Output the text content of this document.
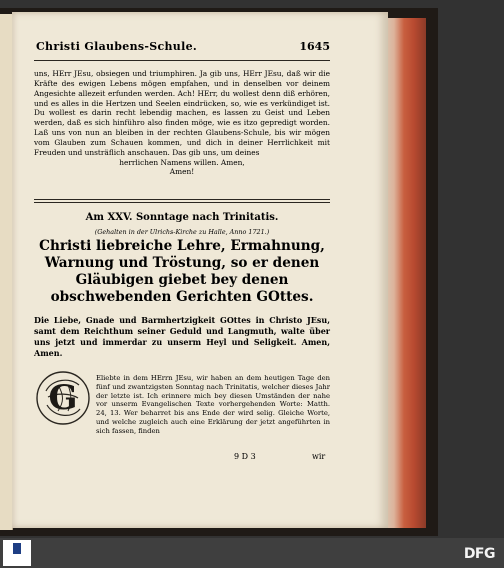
Christi Glaubens-Schule.	1645

uns, HErr JEsu, obsiegen und triumphiren. Ja gib uns, HErr JEsu, daß wir die Kräfte des ewigen Lebens mögen empfahen, und in denselben vor deinem Angesichte allezeit erfunden werden. Ach! HErr, du wollest denn diß erhören, und es alles in die Hertzen und Seelen eindrücken, so, wie es verkündiget ist. Du wollest es darin recht lebendig machen, es lassen zu Geist und Leben werden, daß es sich hinführo also finden möge, wie es itzo gepredigt worden. Laß uns von nun an bleiben in der rechten Glaubens-Schule, bis wir mögen vom Glauben zum Schauen kommen, und dich in deiner Herrlichkeit mit Freuden und unsträflich anschauen. Das gib uns, um deines

herrlichen Namens willen. Amen,

Amen!

Am XXV. Sonntage nach Trinitatis.
(Gehalten in der Ulrichs-Kirche zu Halle, Anno 1721.)
Christi liebreiche Lehre, Ermahnung, Warnung und Tröstung, so er denen Gläubigen giebet bey denen obschwebenden Gerichten GOttes.
Die Liebe, Gnade und Barmhertzigkeit GOttes in Christo JEsu, samt dem Reichthum seiner Geduld und Langmuth, walte über uns jetzt und immerdar zu unserm Heyl und Seligkeit. Amen, Amen.
G	Eliebte in dem HErrn JEsu, wir haben an dem heutigen Tage den fünf und zwantzigsten Sonntag nach Trinitatis, welcher dieses Jahr der letzte ist. Ich erinnere mich bey diesen Umständen der nahe vor unserm Evangelischen Texte vorhergehenden Worte: Matth. 24, 13. Wer beharret bis ans Ende der wird selig. Gleiche Worte, und welche zugleich auch eine Erklärung der jetzt angeführten in sich fassen, finden
9 D 3	wir
DFG
